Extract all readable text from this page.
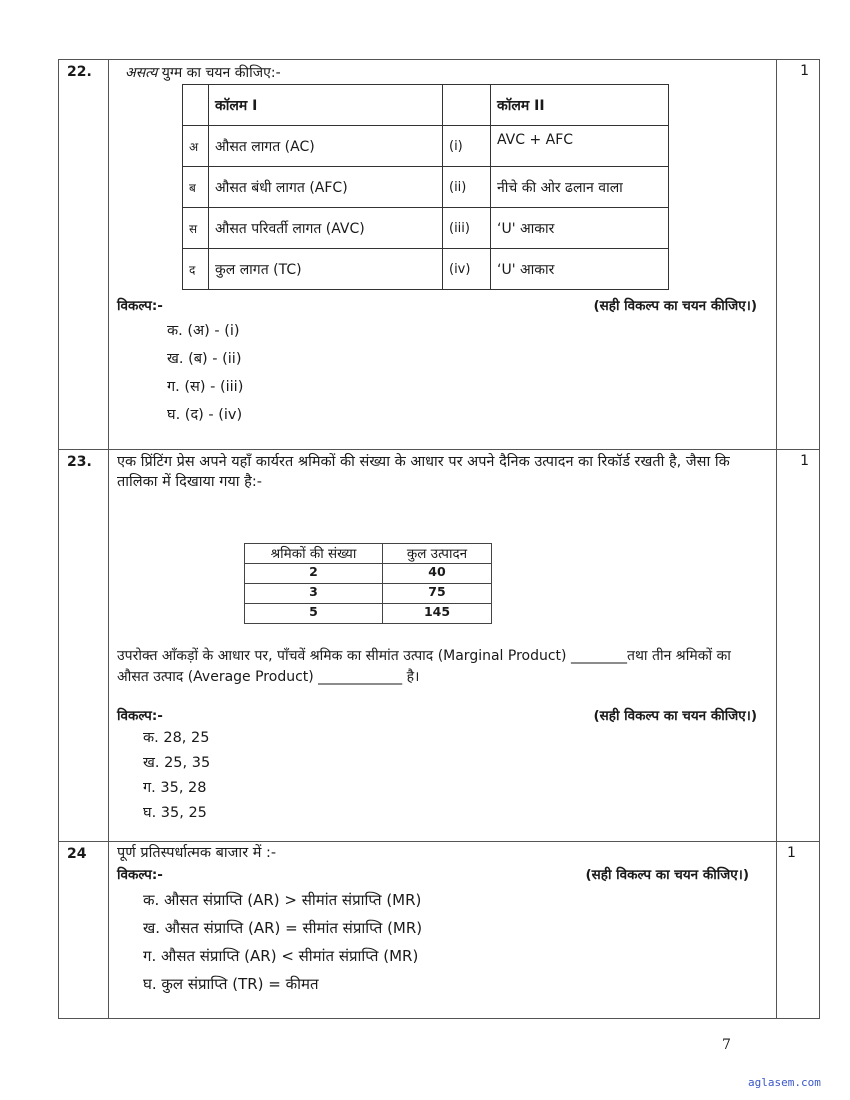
22.	असत्य युग्म का चयन कीजिए:-
	कॉलम I		कॉलम II
अ	औसत लागत (AC)	(i)	AVC + AFC
ब	औसत बंधी लागत (AFC)	(ii)	नीचे की ओर ढलान वाला
स	औसत परिवर्ती लागत (AVC)	(iii)	‘U' आकार
द	कुल लागत (TC)	(iv)	‘U' आकार
विकल्प:-	(सही विकल्प का चयन कीजिए।)
क. (अ) - (i)
ख. (ब) - (ii)
ग. (स) - (iii)
घ. (द) - (iv)
	1
23.	एक प्रिंटिंग प्रेस अपने यहाँ कार्यरत श्रमिकों की संख्या के आधार पर अपने दैनिक उत्पादन का रिकॉर्ड रखती है, जैसा कि तालिका में दिखाया गया है:-
श्रमिकों की संख्या	कुल उत्पादन
2	40
3	75
5	145
उपरोक्त आँकड़ों के आधार पर, पाँचवें श्रमिक का सीमांत उत्पाद (Marginal Product) ________तथा तीन श्रमिकों का औसत उत्पाद (Average Product) ____________ है।
विकल्प:-	(सही विकल्प का चयन कीजिए।)
क. 28, 25
ख. 25, 35
ग. 35, 28
घ. 35, 25
	1
24	पूर्ण प्रतिस्पर्धात्मक बाजार में :-
विकल्प:-	(सही विकल्प का चयन कीजिए।)
क. औसत संप्राप्ति (AR) > सीमांत संप्राप्ति (MR)
ख. औसत संप्राप्ति (AR) = सीमांत संप्राप्ति (MR)
ग. औसत संप्राप्ति (AR) < सीमांत संप्राप्ति (MR)
घ. कुल संप्राप्ति (TR) = कीमत
	1
7
aglasem.com
